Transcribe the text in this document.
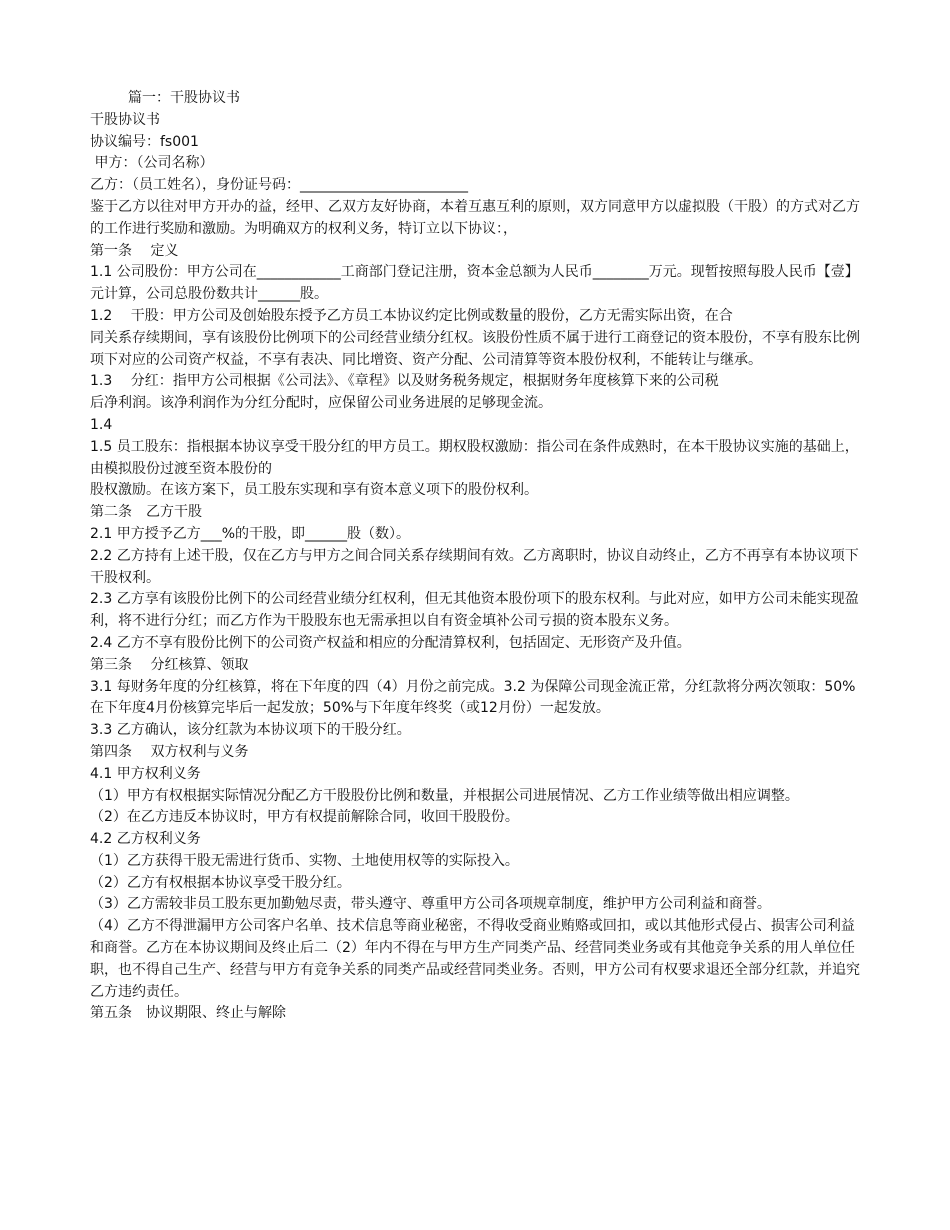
篇一：干股协议书

干股协议书

协议编号：fs001

甲方：（公司名称）

乙方：（员工姓名），身份证号码：________________________

鉴于乙方以往对甲方开办的益，经甲、乙双方友好协商，本着互惠互利的原则，双方同意甲方以虚拟股（干股）的方式对乙方的工作进行奖励和激励。为明确双方的权利义务，特订立以下协议：，

第一条　 定义

1.1 公司股份：甲方公司在____________工商部门登记注册，资本金总额为人民币________万元。现暂按照每股人民币【壹】元计算，公司总股份数共计______股。

1.2　 干股：甲方公司及创始股东授予乙方员工本协议约定比例或数量的股份，乙方无需实际出资，在合

同关系存续期间，享有该股份比例项下的公司经营业绩分红权。该股份性质不属于进行工商登记的资本股份，不享有股东比例项下对应的公司资产权益，不享有表决、同比增资、资产分配、公司清算等资本股份权利，不能转让与继承。

1.3　 分红：指甲方公司根据《公司法》、《章程》以及财务税务规定，根据财务年度核算下来的公司税

后净利润。该净利润作为分红分配时，应保留公司业务进展的足够现金流。

1.4

1.5 员工股东：指根据本协议享受干股分红的甲方员工。期权股权激励：指公司在条件成熟时，在本干股协议实施的基础上，由模拟股份过渡至资本股份的

股权激励。在该方案下，员工股东实现和享有资本意义项下的股份权利。

第二条　乙方干股

2.1 甲方授予乙方___%的干股，即______股（数）。

2.2 乙方持有上述干股，仅在乙方与甲方之间合同关系存续期间有效。乙方离职时，协议自动终止，乙方不再享有本协议项下干股权利。

2.3 乙方享有该股份比例下的公司经营业绩分红权利，但无其他资本股份项下的股东权利。与此对应，如甲方公司未能实现盈利，将不进行分红；而乙方作为干股股东也无需承担以自有资金填补公司亏损的资本股东义务。

2.4 乙方不享有股份比例下的公司资产权益和相应的分配清算权利，包括固定、无形资产及升值。

第三条　 分红核算、领取

3.1 每财务年度的分红核算，将在下年度的四（4）月份之前完成。3.2 为保障公司现金流正常，分红款将分两次领取：50%在下年度4月份核算完毕后一起发放；50%与下年度年终奖（或12月份）一起发放。

3.3 乙方确认，该分红款为本协议项下的干股分红。

第四条　 双方权利与义务

4.1 甲方权利义务

（1）甲方有权根据实际情况分配乙方干股股份比例和数量，并根据公司进展情况、乙方工作业绩等做出相应调整。

（2）在乙方违反本协议时，甲方有权提前解除合同，收回干股股份。

4.2 乙方权利义务

（1）乙方获得干股无需进行货币、实物、土地使用权等的实际投入。

（2）乙方有权根据本协议享受干股分红。

（3）乙方需较非员工股东更加勤勉尽责，带头遵守、尊重甲方公司各项规章制度，维护甲方公司利益和商誉。

（4）乙方不得泄漏甲方公司客户名单、技术信息等商业秘密，不得收受商业贿赂或回扣，或以其他形式侵占、损害公司利益和商誉。乙方在本协议期间及终止后二（2）年内不得在与甲方生产同类产品、经营同类业务或有其他竞争关系的用人单位任职，也不得自己生产、经营与甲方有竞争关系的同类产品或经营同类业务。否则，甲方公司有权要求退还全部分红款，并追究乙方违约责任。

第五条　协议期限、终止与解除
